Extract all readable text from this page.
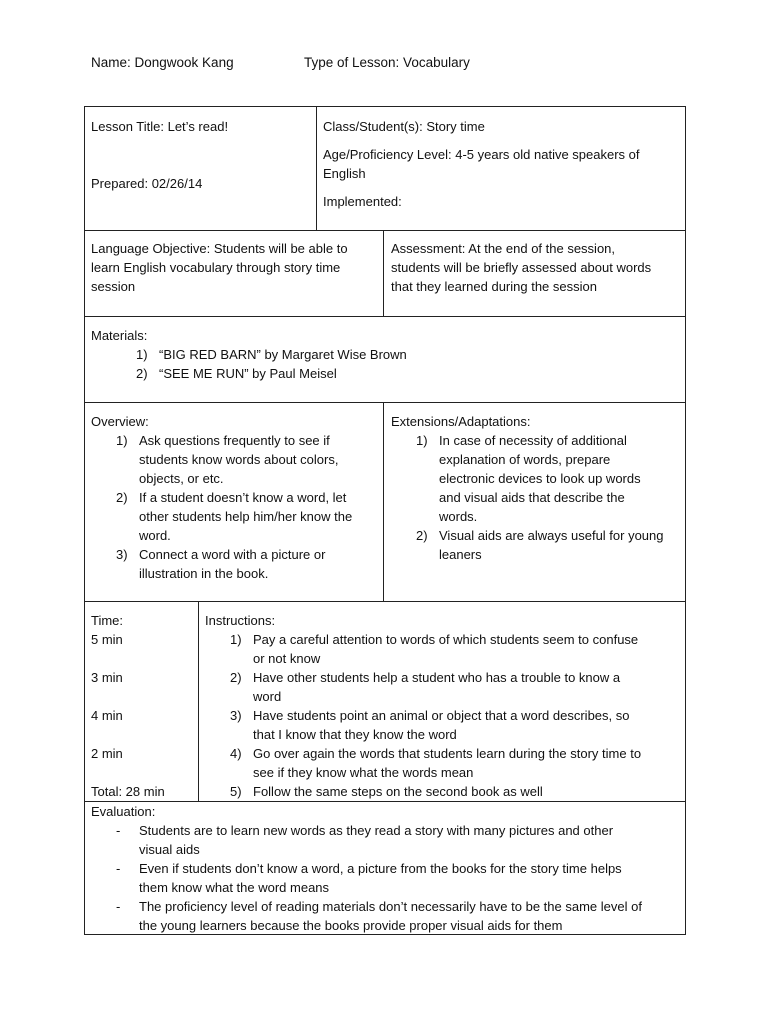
Name: Dongwook Kang	Type of Lesson: Vocabulary
Lesson Title: Let’s read!
Prepared: 02/26/14
Class/Student(s): Story time
Age/Proficiency Level: 4-5 years old native speakers of
English
Implemented:
Language Objective: Students will be able to
learn English vocabulary through story time
session
Assessment: At the end of the session,
students will be briefly assessed about words
that they learned during the session
Materials:
1) “BIG RED BARN” by Margaret Wise Brown
2) “SEE ME RUN” by Paul Meisel
Overview:
1) Ask questions frequently to see if
students know words about colors,
objects, or etc.
2) If a student doesn’t know a word, let
other students help him/her know the
word.
3) Connect a word with a picture or
illustration in the book.
Extensions/Adaptations:
1) In case of necessity of additional
explanation of words, prepare
electronic devices to look up words
and visual aids that describe the
words.
2) Visual aids are always useful for young
leaners
Time:
5 min
3 min
4 min
2 min
Total: 28 min
Instructions:
1) Pay a careful attention to words of which students seem to confuse
or not know
2) Have other students help a student who has a trouble to know a
word
3) Have students point an animal or object that a word describes, so
that I know that they know the word
4) Go over again the words that students learn during the story time to
see if they know what the words mean
5) Follow the same steps on the second book as well
Evaluation:
- Students are to learn new words as they read a story with many pictures and other
visual aids
- Even if students don’t know a word, a picture from the books for the story time helps
them know what the word means
- The proficiency level of reading materials don’t necessarily have to be the same level of
the young learners because the books provide proper visual aids for them
